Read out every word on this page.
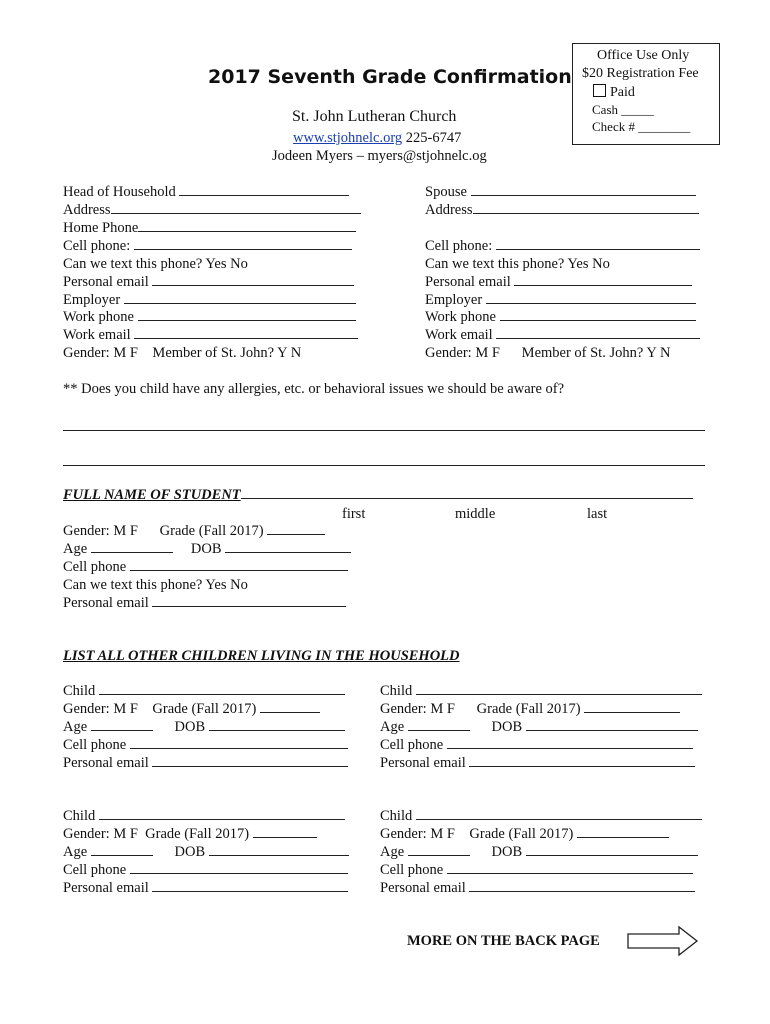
2017 Seventh Grade Confirmation
St. John Lutheran Church
www.stjohnelc.org 225-6747
Jodeen Myers – myers@stjohnelc.og
Office Use Only
$20 Registration Fee
Paid
Cash _____
Check # ________
Head of Household
Address
Home Phone
Cell phone:
Can we text this phone? Yes No
Personal email
Employer
Work phone
Work email
Gender: M F Member of St. John? Y N
Spouse
Address
Cell phone:
Can we text this phone? Yes No
Personal email
Employer
Work phone
Work email
Gender: M F Member of St. John? Y N
** Does you child have any allergies, etc. or behavioral issues we should be aware of?
FULL NAME OF STUDENT
first	middle	last
Gender: M F Grade (Fall 2017)
Age	DOB
Cell phone
Can we text this phone? Yes No
Personal email
LIST ALL OTHER CHILDREN LIVING IN THE HOUSEHOLD
Child
Gender: M F Grade (Fall 2017)
Age	DOB
Cell phone
Personal email
Child
Gender: M F Grade (Fall 2017)
Age	DOB
Cell phone
Personal email
Child
Gender: M F Grade (Fall 2017)
Age	DOB
Cell phone
Personal email
Child
Gender: M F Grade (Fall 2017)
Age	DOB
Cell phone
Personal email
MORE ON THE BACK PAGE
